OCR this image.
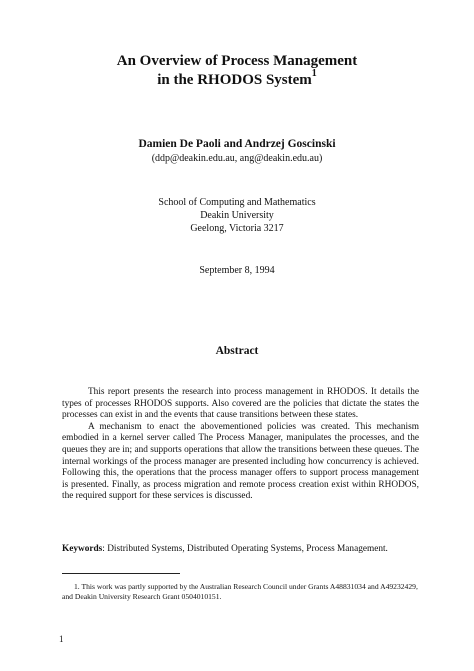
An Overview of Process Management
in the RHODOS System$^1$
Damien De Paoli and Andrzej Goscinski
(ddp@deakin.edu.au, ang@deakin.edu.au)
School of Computing and Mathematics
Deakin University
Geelong, Victoria 3217
September 8, 1994
Abstract

This report presents the research into process management in RHODOS. It details the types of processes RHODOS supports. Also covered are the policies that dictate the states the processes can exist in and the events that cause transitions between these states.

A mechanism to enact the abovementioned policies was created. This mechanism embodied in a kernel server called The Process Manager, manipulates the processes, and the queues they are in; and supports operations that allow the transitions between these queues. The internal workings of the process manager are presented including how concurrency is achieved. Following this, the operations that the process manager offers to support process management is presented. Finally, as process migration and remote process creation exist within RHODOS, the required support for these services is discussed.

Keywords: Distributed Systems, Distributed Operating Systems, Process Management.
1. This work was partly supported by the Australian Research Council under Grants A48831034 and A49232429, and Deakin University Research Grant 0504010151.
1
